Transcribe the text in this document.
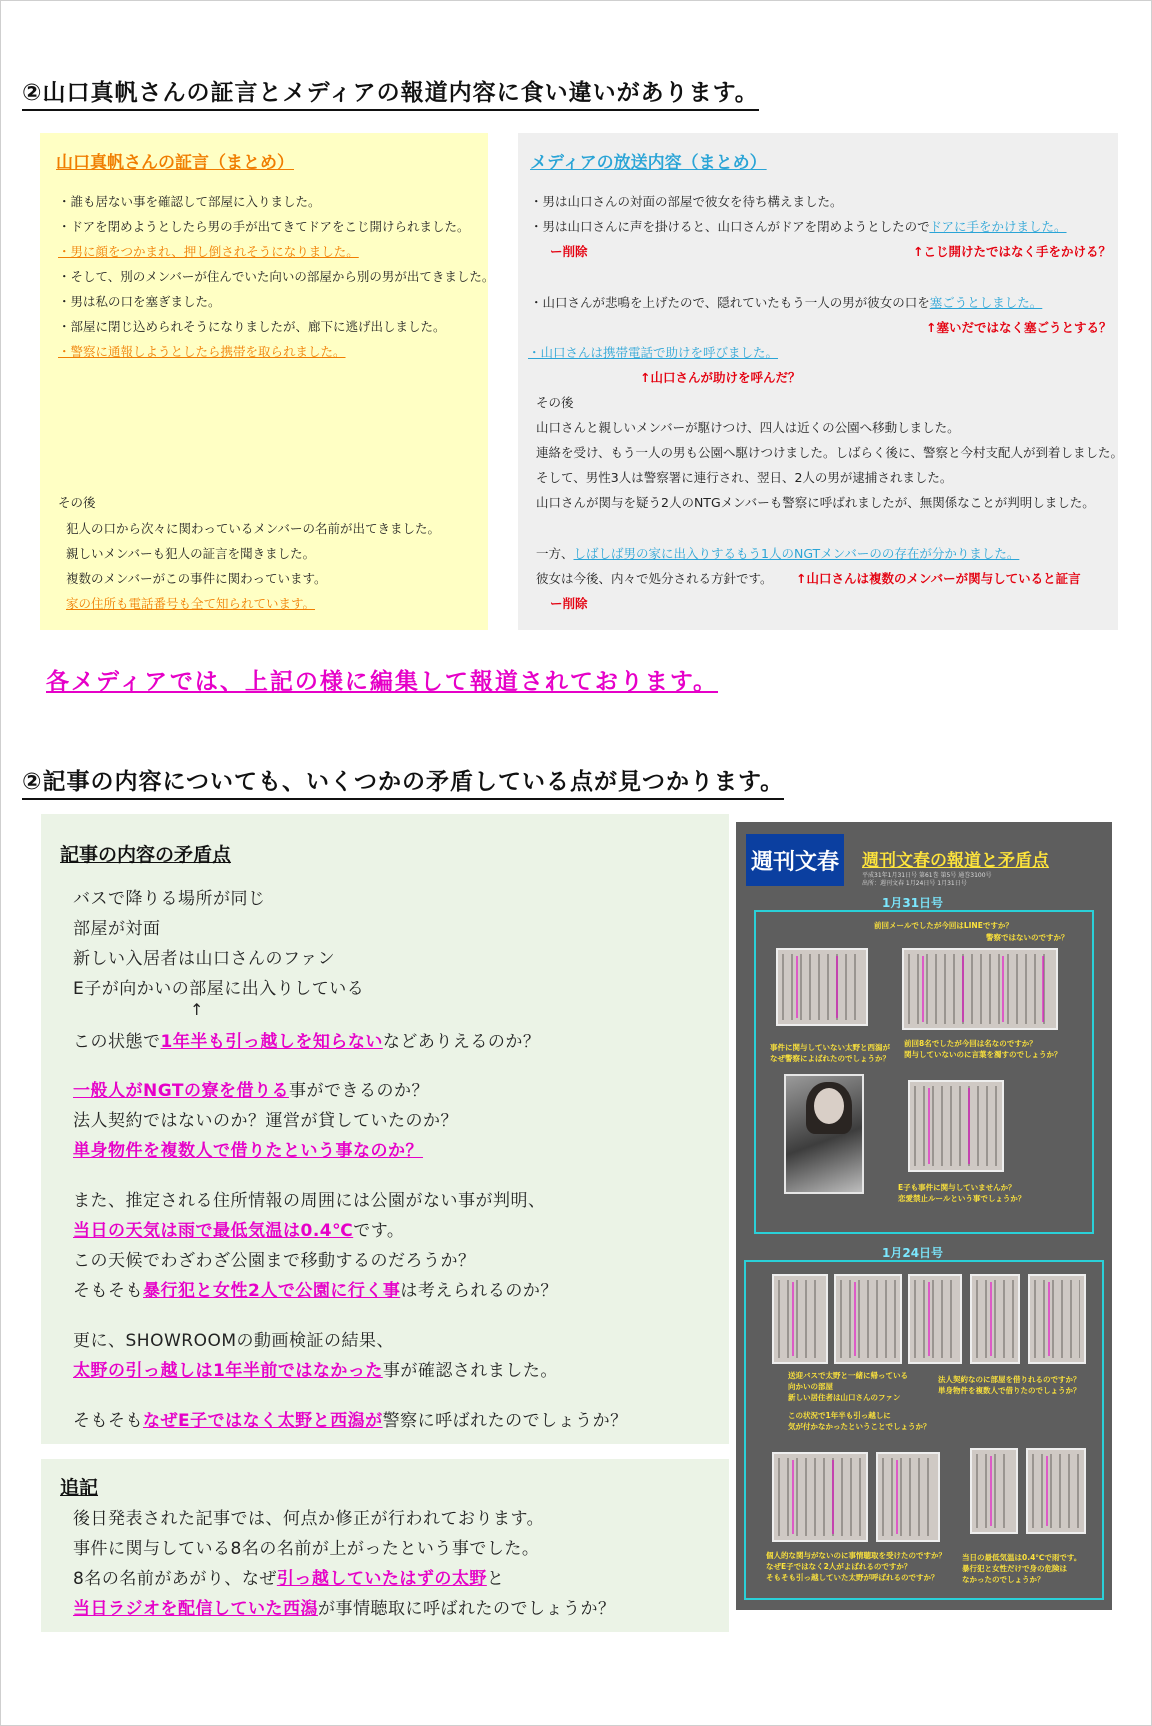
②山口真帆さんの証言とメディアの報道内容に食い違いがあります。
山口真帆さんの証言（まとめ）
・誰も居ない事を確認して部屋に入りました。
・ドアを閉めようとしたら男の手が出てきてドアをこじ開けられました。
・男に顔をつかまれ、押し倒されそうになりました。
・そして、別のメンバーが住んでいた向いの部屋から別の男が出てきました。
・男は私の口を塞ぎました。
・部屋に閉じ込められそうになりましたが、廊下に逃げ出しました。
・警察に通報しようとしたら携帯を取られました。
その後
犯人の口から次々に関わっているメンバーの名前が出てきました。
親しいメンバーも犯人の証言を聞きました。
複数のメンバーがこの事件に関わっています。
家の住所も電話番号も全て知られています。
メディアの放送内容（まとめ）
・男は山口さんの対面の部屋で彼女を待ち構えました。
・男は山口さんに声を掛けると、山口さんがドアを閉めようとしたのでドアに手をかけました。
ー削除	↑こじ開けたではなく手をかける？
・山口さんが悲鳴を上げたので、隠れていたもう一人の男が彼女の口を塞ごうとしました。
↑塞いだではなく塞ごうとする？
・山口さんは携帯電話で助けを呼びました。
↑山口さんが助けを呼んだ？
その後
山口さんと親しいメンバーが駆けつけ、四人は近くの公園へ移動しました。
連絡を受け、もう一人の男も公園へ駆けつけました。しばらく後に、警察と今村支配人が到着しました。
そして、男性3人は警察署に連行され、翌日、2人の男が逮捕されました。
山口さんが関与を疑う2人のNTGメンバーも警察に呼ばれましたが、無関係なことが判明しました。
一方、しばしば男の家に出入りするもう1人のNGTメンバーのの存在が分かりました。
彼女は今後、内々で処分される方針です。 ↑山口さんは複数のメンバーが関与していると証言
ー削除
各メディアでは、上記の様に編集して報道されております。
②記事の内容についても、いくつかの矛盾している点が見つかります。
記事の内容の矛盾点
バスで降りる場所が同じ
部屋が対面
新しい入居者は山口さんのファン
E子が向かいの部屋に出入りしている
↑
この状態で1年半も引っ越しを知らないなどありえるのか？
一般人がNGTの寮を借りる事ができるのか？
法人契約ではないのか？運営が貸していたのか？
単身物件を複数人で借りたという事なのか？
また、推定される住所情報の周囲には公園がない事が判明、
当日の天気は雨で最低気温は0.4℃です。
この天候でわざわざ公園まで移動するのだろうか？
そもそも暴行犯と女性2人で公園に行く事は考えられるのか？
更に、SHOWROOMの動画検証の結果、
太野の引っ越しは1年半前ではなかった事が確認されました。
そもそもなぜE子ではなく太野と西潟が警察に呼ばれたのでしょうか？
追記
後日発表された記事では、何点か修正が行われております。
事件に関与している8名の名前が上がったという事でした。
8名の名前があがり、なぜ引っ越していたはずの太野と
当日ラジオを配信していた西潟が事情聴取に呼ばれたのでしょうか？
週刊文春 週刊文春の報道と矛盾点
平成31年1月31日号 第61巻 第5号 通巻3100号
出所：週刊文春 1月24日号 1月31日号
1月31日号
前回メールでしたが今回はLINEですか？
警察ではないのですか？
事件に関与していない太野と西潟が
なぜ警察によばれたのでしょうか？
前回8名でしたが今回は名なのですか？
関与していないのに言葉を濁すのでしょうか？
E子も事件に関与していませんか？
恋愛禁止ルールという事でしょうか？
1月24日号
送迎バスで太野と一緒に帰っている
向かいの部屋
新しい居住者は山口さんのファン
法人契約なのに部屋を借りれるのですか？
単身物件を複数人で借りたのでしょうか？
この状況で1年半も引っ越しに
気が付かなかったということでしょうか？
個人的な関与がないのに事情聴取を受けたのですか？
なぜE子ではなく2人がよばれるのですか？
そもそも引っ越していた太野が呼ばれるのですか？
当日の最低気温は0.4℃で雨です。
暴行犯と女性だけで身の危険は
なかったのでしょうか？
